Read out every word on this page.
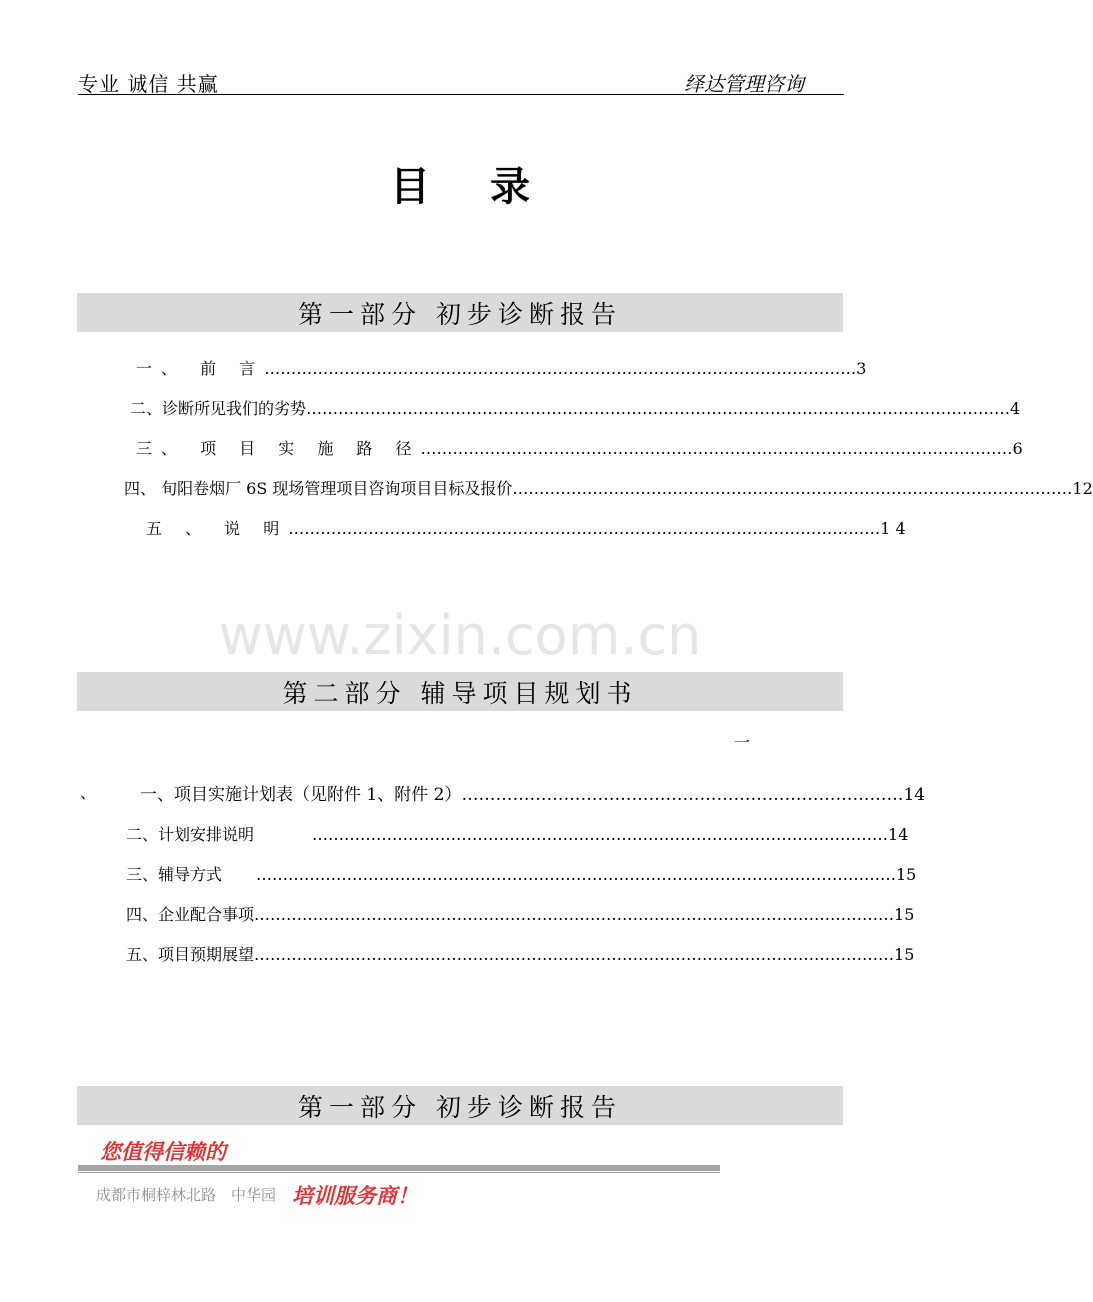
专业 诚信 共赢	绎达管理咨询
目录
第一部分 初步诊断报告
一、 前 言 ………………………………………………………………………………………………… 3
二、诊断所见我们的劣势 …………………………………………………………………………………………………………………… 4
三、 项 目 实 施 路 径 ………………………………………………………………………………………………… 6
四、 旬阳卷烟厂 6S 现场管理项目咨询项目目标及报价 …………………………………………………………………………………………… 12
五 、 说 明 ………………………………………………………………………………………………… 1 4
www.zixin.com.cn
第二部分 辅导项目规划书
一
、	一、项目实施计划表（见附件 1、附件 2） …………………………………………………………………… 14
二、计划安排说明	……………………………………………………………………………………………… 14
三、辅导方式	………………………………………………………………………………………………………… 15
四、企业配合事项 ………………………………………………………………………………………………………… 15
五、项目预期展望 ………………………………………………………………………………………………………… 15
第一部分 初步诊断报告
您值得信赖的
成都市桐梓林北路　中华园 培训服务商！
